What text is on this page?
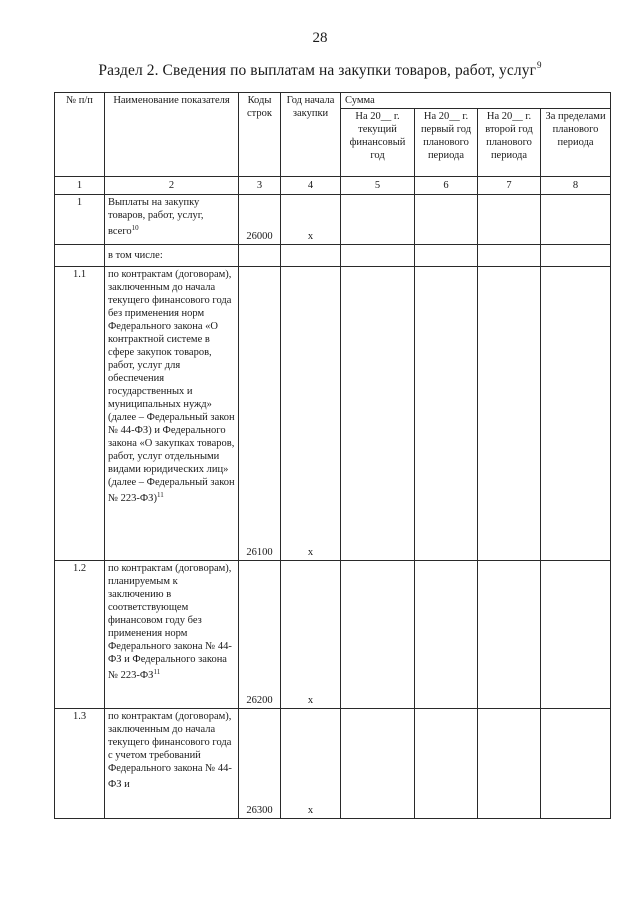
28
Раздел 2. Сведения по выплатам на закупки товаров, работ, услуг$^9$
№ п/п	Наименование показателя	Коды строк	Год начала закупки	Сумма			
				На 20__ г. текущий финансовый год	На 20__ г. первый год планового периода	На 20__ г. второй год планового периода	За пределами планового периода
1	2	3	4	5	6	7	8
1	Выплаты на закупку товаров, работ, услуг, всего$^{10}$	26000	x				
	в том числе:						
1.1	по контрактам (договорам), заключенным до начала текущего финансового года без применения норм Федерального закона «О контрактной системе в сфере закупок товаров, работ, услуг для обеспечения государственных и муниципальных нужд» (далее – Федеральный закон № 44-ФЗ) и Федерального закона «О закупках товаров, работ, услуг отдельными видами юридических лиц» (далее – Федеральный закон № 223-ФЗ)$^{11}$	26100	x				
1.2	по контрактам (договорам), планируемым к заключению в соответствующем финансовом году без применения норм Федерального закона № 44-ФЗ и Федерального закона № 223-ФЗ$^{11}$	26200	x				
1.3	по контрактам (договорам), заключенным до начала текущего финансового года с учетом требований Федерального закона № 44-ФЗ и	26300	x				
